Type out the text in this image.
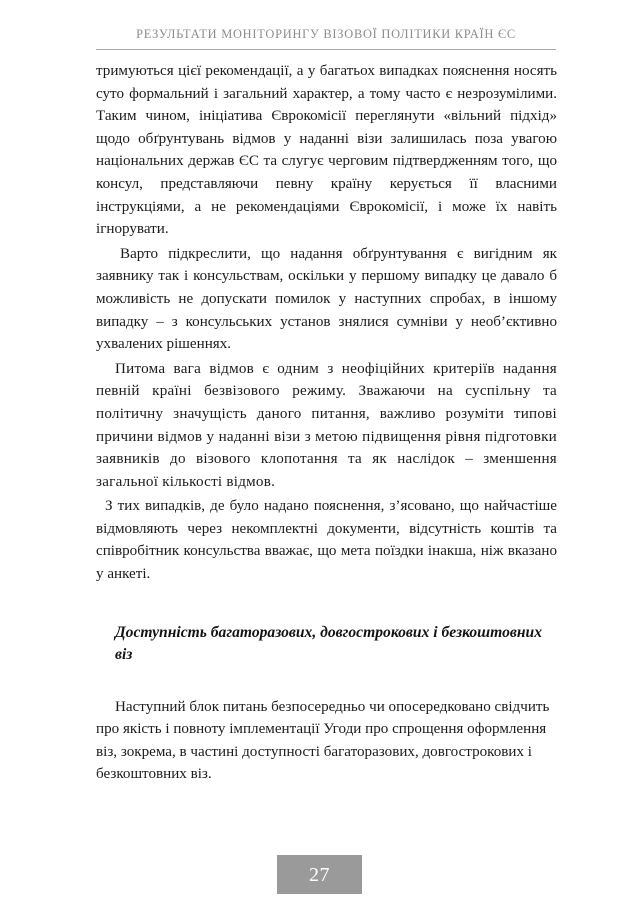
РЕЗУЛЬТАТИ МОНІТОРИНГУ ВІЗОВОЇ ПОЛІТИКИ КРАЇН ЄС

тримуються цієї рекомендації, а у багатьох випадках пояснення носять суто формальний і загальний характер, а тому часто є незрозумілими. Таким чином, ініціатива Єврокомісії переглянути «вільний підхід» щодо обґрунтувань відмов у наданні візи залишилась поза увагою національних держав ЄС та слугує черговим підтвердженням того, що консул, представляючи певну країну керується її власними інструкціями, а не рекомендаціями Єврокомісії, і може їх навіть ігнорувати.

Варто підкреслити, що надання обґрунтування є вигідним як заявнику так і консульствам, оскільки у першому випадку це давало б можливість не допускати помилок у наступних спробах, в іншому випадку – з консульських установ знялися сумніви у необ’єктивно ухвалених рішеннях.

Питома вага відмов є одним з неофіційних критеріїв надання певній країні безвізового режиму. Зважаючи на суспільну та політичну значущість даного питання, важливо розуміти типові причини відмов у наданні візи з метою підвищення рівня підготовки заявників до візового клопотання та як наслідок – зменшення загальної кількості відмов.

З тих випадків, де було надано пояснення, з’ясовано, що найчастіше відмовляють через некомплектні документи, відсутність коштів та співробітник консульства вважає, що мета поїздки інакша, ніж вказано у анкеті.

Доступність багаторазових, довгострокових і безкоштовних віз

Наступний блок питань безпосередньо чи опосередковано свідчить про якість і повноту імплементації Угоди про спрощення оформлення віз, зокрема, в частині доступності багаторазових, довгострокових і безкоштовних віз.

27
